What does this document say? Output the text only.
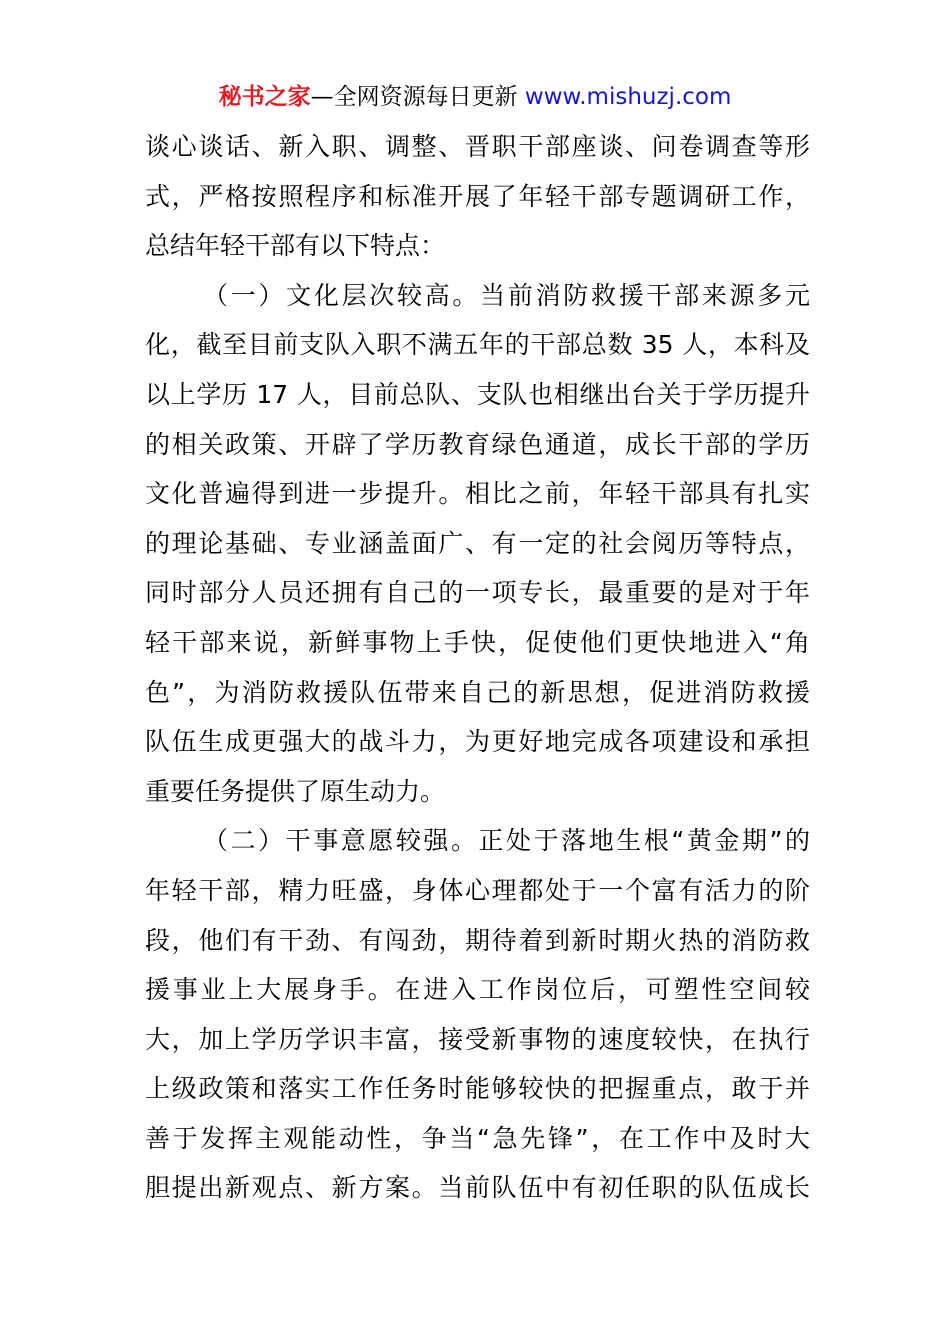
秘书之家—全网资源每日更新 www.mishuzj.com
谈心谈话、新入职、调整、晋职干部座谈、问卷调查等形
式，严格按照程序和标准开展了年轻干部专题调研工作，
总结年轻干部有以下特点：
（一）文化层次较高。当前消防救援干部来源多元
化，截至目前支队入职不满五年的干部总数 35 人，本科及
以上学历 17 人，目前总队、支队也相继出台关于学历提升
的相关政策、开辟了学历教育绿色通道，成长干部的学历
文化普遍得到进一步提升。相比之前，年轻干部具有扎实
的理论基础、专业涵盖面广、有一定的社会阅历等特点，
同时部分人员还拥有自己的一项专长，最重要的是对于年
轻干部来说，新鲜事物上手快，促使他们更快地进入“角
色”，为消防救援队伍带来自己的新思想，促进消防救援
队伍生成更强大的战斗力，为更好地完成各项建设和承担
重要任务提供了原生动力。
（二）干事意愿较强。正处于落地生根“黄金期”的
年轻干部，精力旺盛，身体心理都处于一个富有活力的阶
段，他们有干劲、有闯劲，期待着到新时期火热的消防救
援事业上大展身手。在进入工作岗位后，可塑性空间较
大，加上学历学识丰富，接受新事物的速度较快，在执行
上级政策和落实工作任务时能够较快的把握重点，敢于并
善于发挥主观能动性，争当“急先锋”，在工作中及时大
胆提出新观点、新方案。当前队伍中有初任职的队伍成长
